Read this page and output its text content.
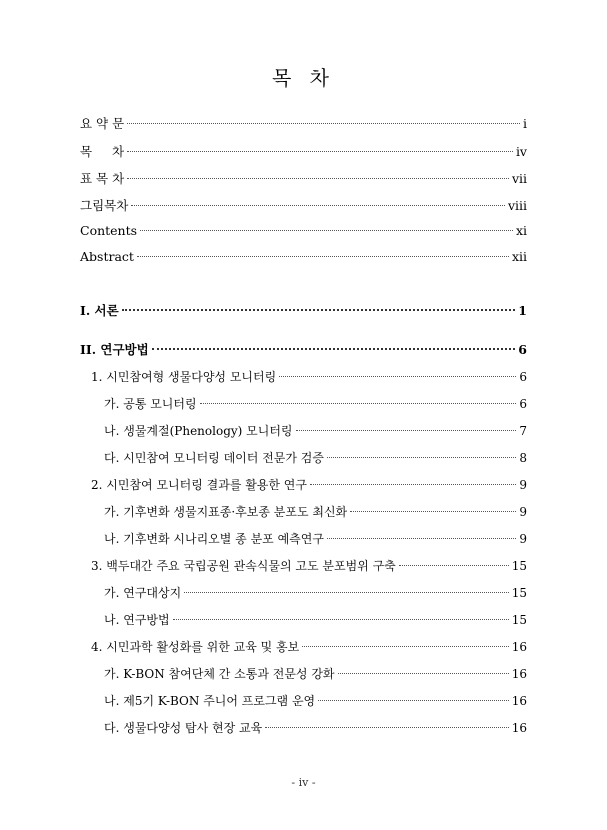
목 차
요 약 문	i
목     차	iv
표 목 차	vii
그림목차	viii
Contents	xi
Abstract	xii
I. 서론	1
II. 연구방법	6
1. 시민참여형 생물다양성 모니터링	6
가. 공통 모니터링	6
나. 생물계절(Phenology) 모니터링	7
다. 시민참여 모니터링 데이터 전문가 검증	8
2. 시민참여 모니터링 결과를 활용한 연구	9
가. 기후변화 생물지표종·후보종 분포도 최신화	9
나. 기후변화 시나리오별 종 분포 예측연구	9
3. 백두대간 주요 국립공원 관속식물의 고도 분포범위 구축	15
가. 연구대상지	15
나. 연구방법	15
4. 시민과학 활성화를 위한 교육 및 홍보	16
가. K-BON 참여단체 간 소통과 전문성 강화	16
나. 제5기 K-BON 주니어 프로그램 운영	16
다. 생물다양성 탐사 현장 교육	16
- iv -
